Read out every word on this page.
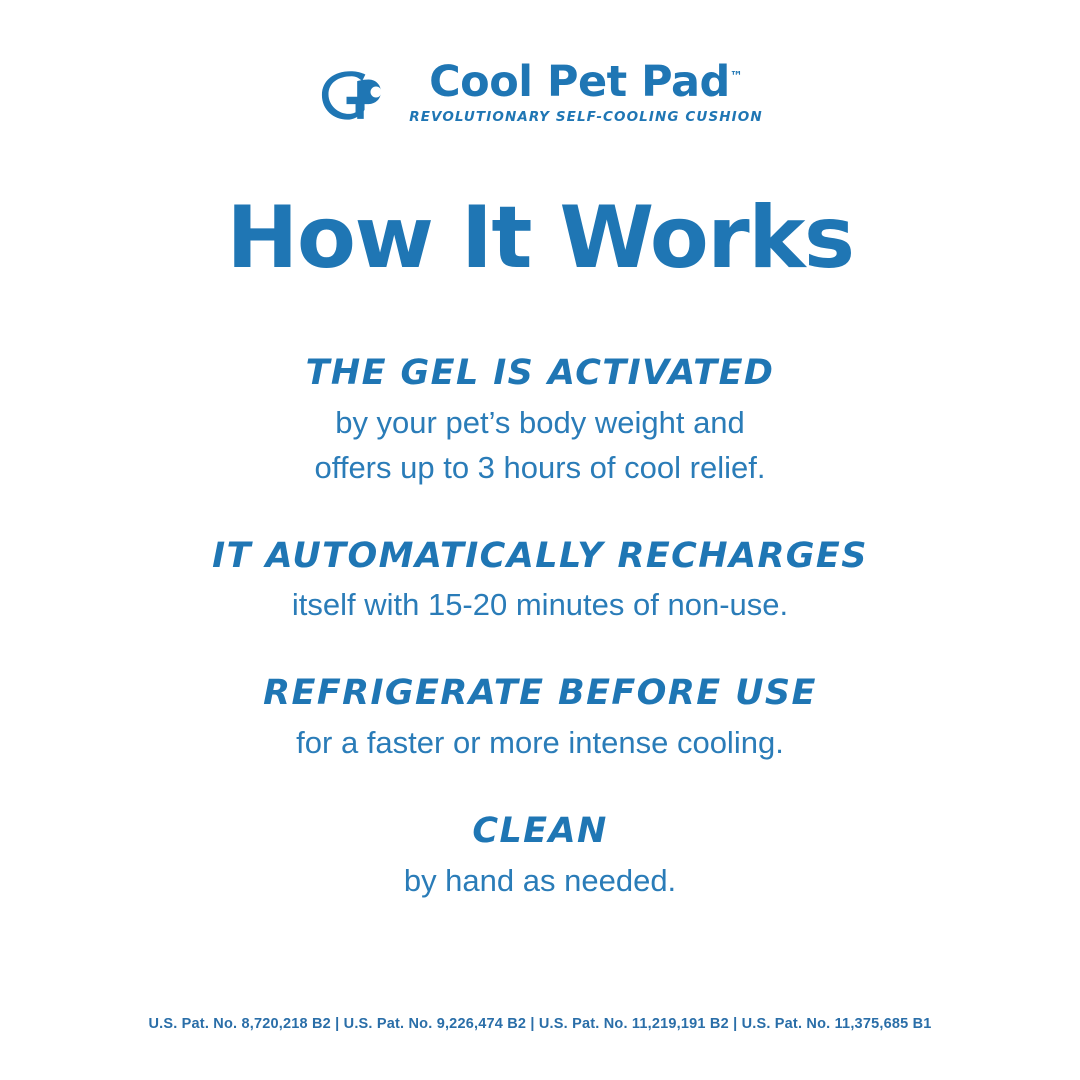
Cool Pet Pad™
REVOLUTIONARY SELF-COOLING CUSHION
How It Works
THE GEL IS ACTIVATED
by your pet’s body weight and
offers up to 3 hours of cool relief.
IT AUTOMATICALLY RECHARGES
itself with 15-20 minutes of non-use.
REFRIGERATE BEFORE USE
for a faster or more intense cooling.
CLEAN
by hand as needed.
U.S. Pat. No. 8,720,218 B2 | U.S. Pat. No. 9,226,474 B2 | U.S. Pat. No. 11,219,191 B2 | U.S. Pat. No. 11,375,685 B1
